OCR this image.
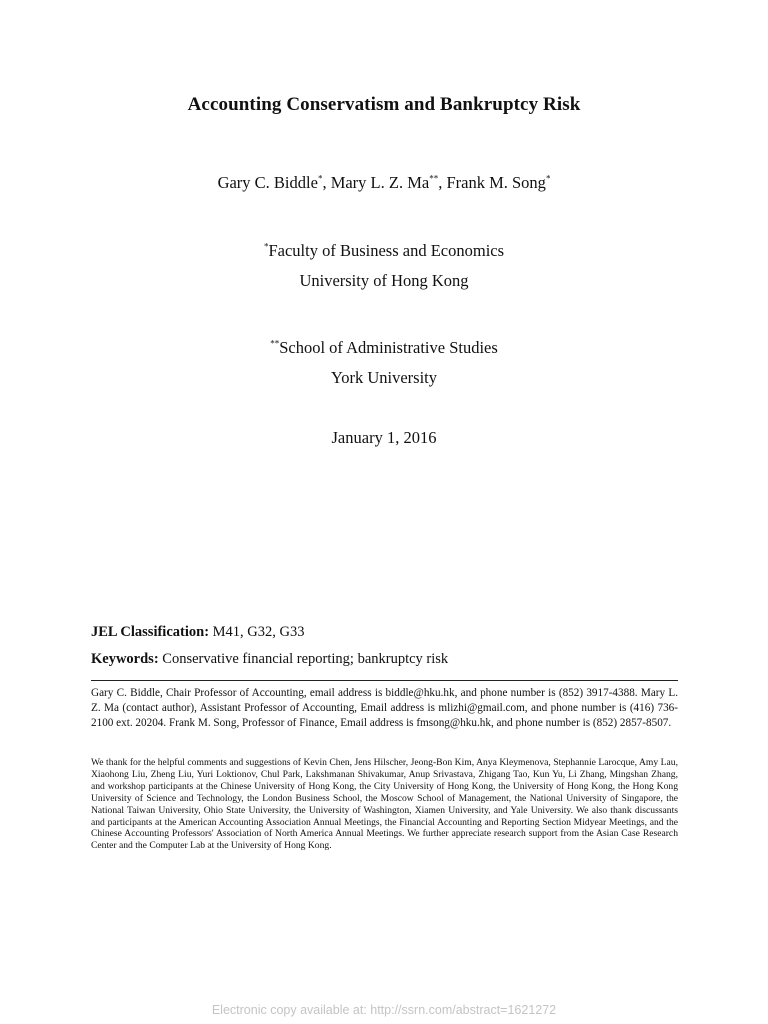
Accounting Conservatism and Bankruptcy Risk
Gary C. Biddle*, Mary L. Z. Ma**, Frank M. Song*
*Faculty of Business and Economics
University of Hong Kong
**School of Administrative Studies
York University
January 1, 2016
JEL Classification: M41, G32, G33
Keywords: Conservative financial reporting; bankruptcy risk
Gary C. Biddle, Chair Professor of Accounting, email address is biddle@hku.hk, and phone number is (852) 3917-4388. Mary L. Z. Ma (contact author), Assistant Professor of Accounting, Email address is mlizhi@gmail.com, and phone number is (416) 736-2100 ext. 20204. Frank M. Song, Professor of Finance, Email address is fmsong@hku.hk, and phone number is (852) 2857-8507.
We thank for the helpful comments and suggestions of Kevin Chen, Jens Hilscher, Jeong-Bon Kim, Anya Kleymenova, Stephannie Larocque, Amy Lau, Xiaohong Liu, Zheng Liu, Yuri Loktionov, Chul Park, Lakshmanan Shivakumar, Anup Srivastava, Zhigang Tao, Kun Yu, Li Zhang, Mingshan Zhang, and workshop participants at the Chinese University of Hong Kong, the City University of Hong Kong, the University of Hong Kong, the Hong Kong University of Science and Technology, the London Business School, the Moscow School of Management, the National University of Singapore, the National Taiwan University, Ohio State University, the University of Washington, Xiamen University, and Yale University. We also thank discussants and participants at the American Accounting Association Annual Meetings, the Financial Accounting and Reporting Section Midyear Meetings, and the Chinese Accounting Professors' Association of North America Annual Meetings. We further appreciate research support from the Asian Case Research Center and the Computer Lab at the University of Hong Kong.
Electronic copy available at: http://ssrn.com/abstract=1621272
